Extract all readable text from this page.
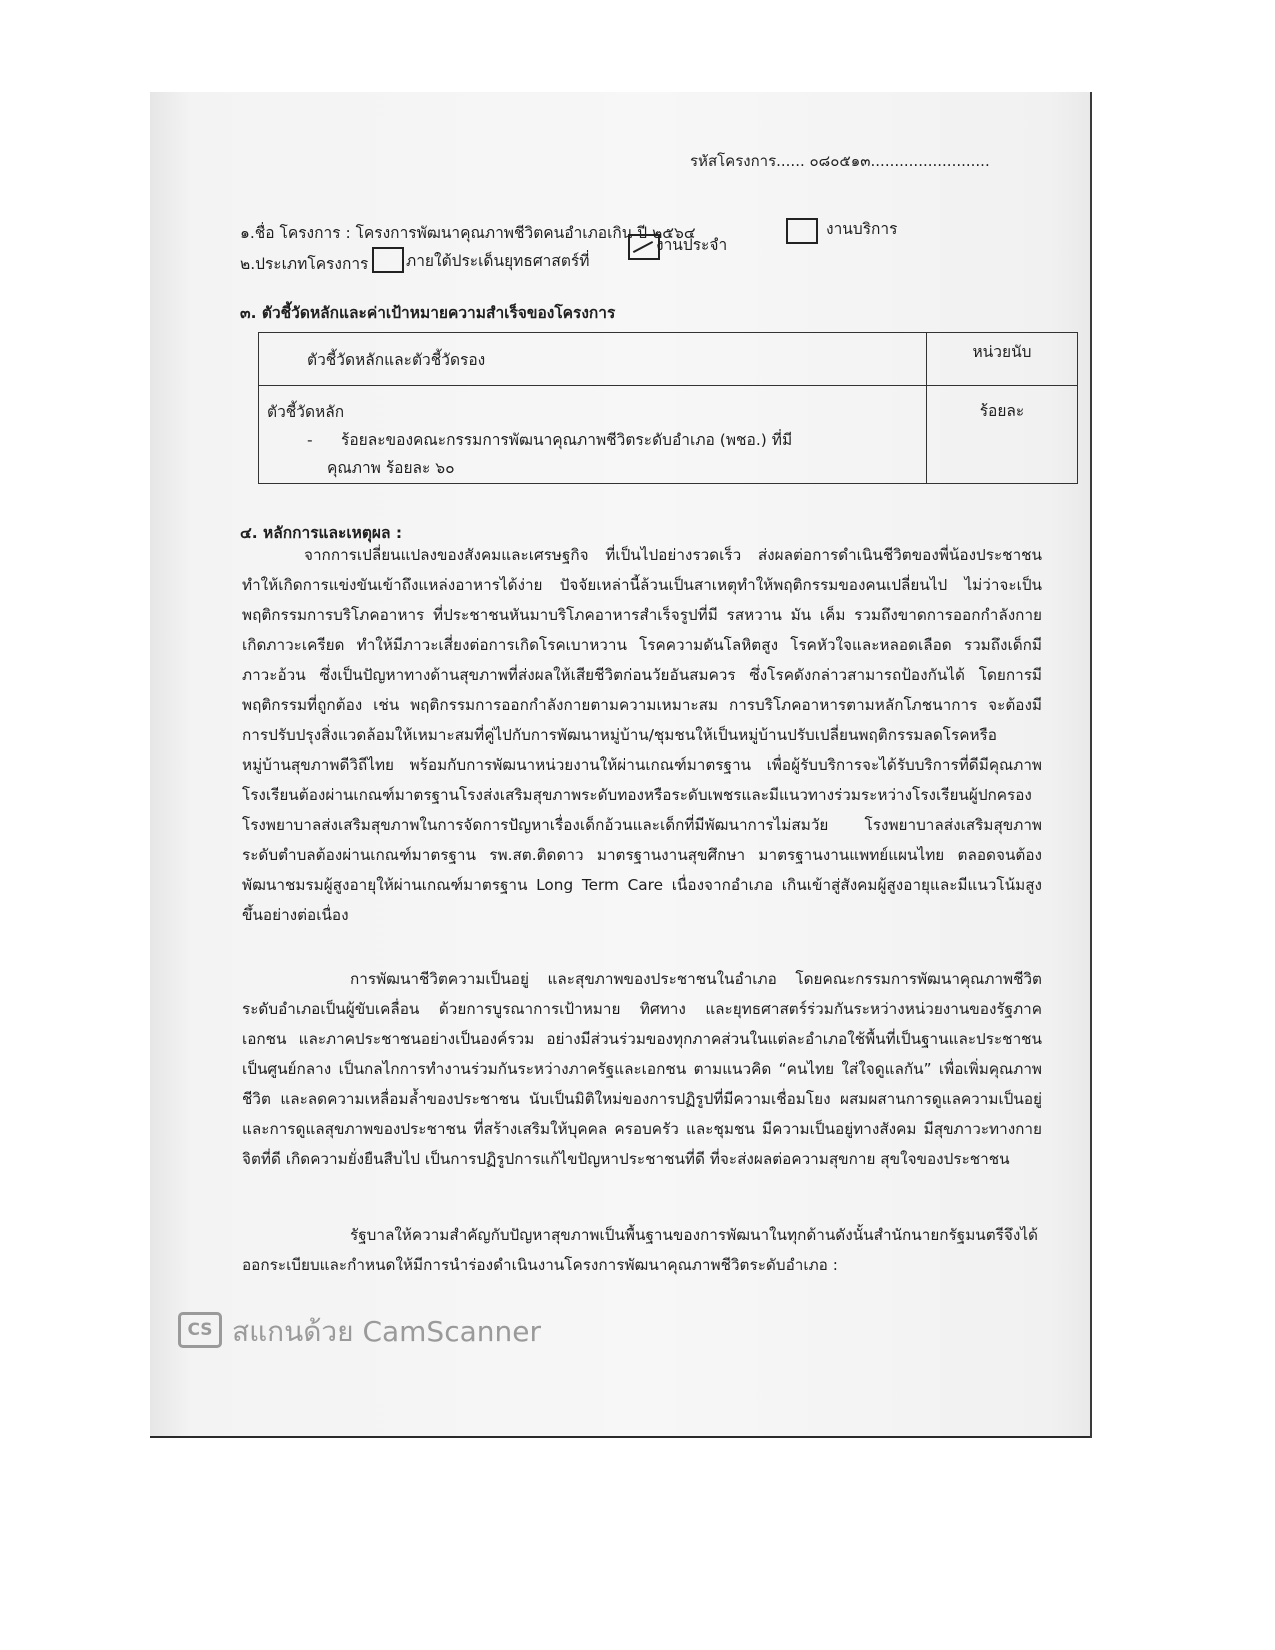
รหัสโครงการ...... ๐๘๐๕๑๓.........................
๑.ชื่อ โครงการ : โครงการพัฒนาคุณภาพชีวิตคนอำเภอเกิน ปี ๒๕๖๔
๒.ประเภทโครงการ ภายใต้ประเด็นยุทธศาสตร์ที่
งานประจำ
งานบริการ
๓. ตัวชี้วัดหลักและค่าเป้าหมายความสำเร็จของโครงการ
ตัวชี้วัดหลักและตัวชี้วัดรอง	หน่วยนับ

ตัวชี้วัดหลัก
- ร้อยละของคณะกรรมการพัฒนาคุณภาพชีวิตระดับอำเภอ (พชอ.) ที่มี
คุณภาพ ร้อยละ ๖๐	ร้อยละ
๔. หลักการและเหตุผล :
จากการเปลี่ยนแปลงของสังคมและเศรษฐกิจ ที่เป็นไปอย่างรวดเร็ว ส่งผลต่อการดำเนินชีวิตของพี่น้องประชาชน ทำให้เกิดการแข่งขันเข้าถึงแหล่งอาหารได้ง่าย ปัจจัยเหล่านี้ล้วนเป็นสาเหตุทำให้พฤติกรรมของคนเปลี่ยนไป ไม่ว่าจะเป็นพฤติกรรมการบริโภคอาหาร ที่ประชาชนหันมาบริโภคอาหารสำเร็จรูปที่มี รสหวาน มัน เค็ม รวมถึงขาดการออกกำลังกาย เกิดภาวะเครียด ทำให้มีภาวะเสี่ยงต่อการเกิดโรคเบาหวาน โรคความดันโลหิตสูง โรคหัวใจและหลอดเลือด รวมถึงเด็กมีภาวะอ้วน ซึ่งเป็นปัญหาทางด้านสุขภาพที่ส่งผลให้เสียชีวิตก่อนวัยอันสมควร ซึ่งโรคดังกล่าวสามารถป้องกันได้ โดยการมีพฤติกรรมที่ถูกต้อง เช่น พฤติกรรมการออกกำลังกายตามความเหมาะสม การบริโภคอาหารตามหลักโภชนาการ จะต้องมีการปรับปรุงสิ่งแวดล้อมให้เหมาะสมที่คู่ไปกับการพัฒนาหมู่บ้าน/ชุมชนให้เป็นหมู่บ้านปรับเปลี่ยนพฤติกรรมลดโรคหรือหมู่บ้านสุขภาพดีวิถีไทย พร้อมกับการพัฒนาหน่วยงานให้ผ่านเกณฑ์มาตรฐาน เพื่อผู้รับบริการจะได้รับบริการที่ดีมีคุณภาพ โรงเรียนต้องผ่านเกณฑ์มาตรฐานโรงส่งเสริมสุขภาพระดับทองหรือระดับเพชรและมีแนวทางร่วมระหว่างโรงเรียนผู้ปกครอง โรงพยาบาลส่งเสริมสุขภาพในการจัดการปัญหาเรื่องเด็กอ้วนและเด็กที่มีพัฒนาการไม่สมวัย โรงพยาบาลส่งเสริมสุขภาพระดับตำบลต้องผ่านเกณฑ์มาตรฐาน รพ.สต.ติดดาว มาตรฐานงานสุขศึกษา มาตรฐานงานแพทย์แผนไทย ตลอดจนต้องพัฒนาชมรมผู้สูงอายุให้ผ่านเกณฑ์มาตรฐาน Long Term Care เนื่องจากอำเภอ เกินเข้าสู่สังคมผู้สูงอายุและมีแนวโน้มสูงขึ้นอย่างต่อเนื่อง
การพัฒนาชีวิตความเป็นอยู่ และสุขภาพของประชาชนในอำเภอ โดยคณะกรรมการพัฒนาคุณภาพชีวิตระดับอำเภอเป็นผู้ขับเคลื่อน ด้วยการบูรณาการเป้าหมาย ทิศทาง และยุทธศาสตร์ร่วมกันระหว่างหน่วยงานของรัฐภาคเอกชน และภาคประชาชนอย่างเป็นองค์รวม อย่างมีส่วนร่วมของทุกภาคส่วนในแต่ละอำเภอใช้พื้นที่เป็นฐานและประชาชนเป็นศูนย์กลาง เป็นกลไกการทำงานร่วมกันระหว่างภาครัฐและเอกชน ตามแนวคิด “คนไทย ใส่ใจดูแลกัน” เพื่อเพิ่มคุณภาพชีวิต และลดความเหลื่อมล้ำของประชาชน นับเป็นมิติใหม่ของการปฏิรูปที่มีความเชื่อมโยง ผสมผสานการดูแลความเป็นอยู่ และการดูแลสุขภาพของประชาชน ที่สร้างเสริมให้บุคคล ครอบครัว และชุมชน มีความเป็นอยู่ทางสังคม มีสุขภาวะทางกาย จิตที่ดี เกิดความยั่งยืนสืบไป เป็นการปฏิรูปการแก้ไขปัญหาประชาชนที่ดี ที่จะส่งผลต่อความสุขกาย สุขใจของประชาชน
รัฐบาลให้ความสำคัญกับปัญหาสุขภาพเป็นพื้นฐานของการพัฒนาในทุกด้านดังนั้นสำนักนายกรัฐมนตรีจึงได้ออกระเบียบและกำหนดให้มีการนำร่องดำเนินงานโครงการพัฒนาคุณภาพชีวิตระดับอำเภอ :
CS สแกนด้วย CamScanner
